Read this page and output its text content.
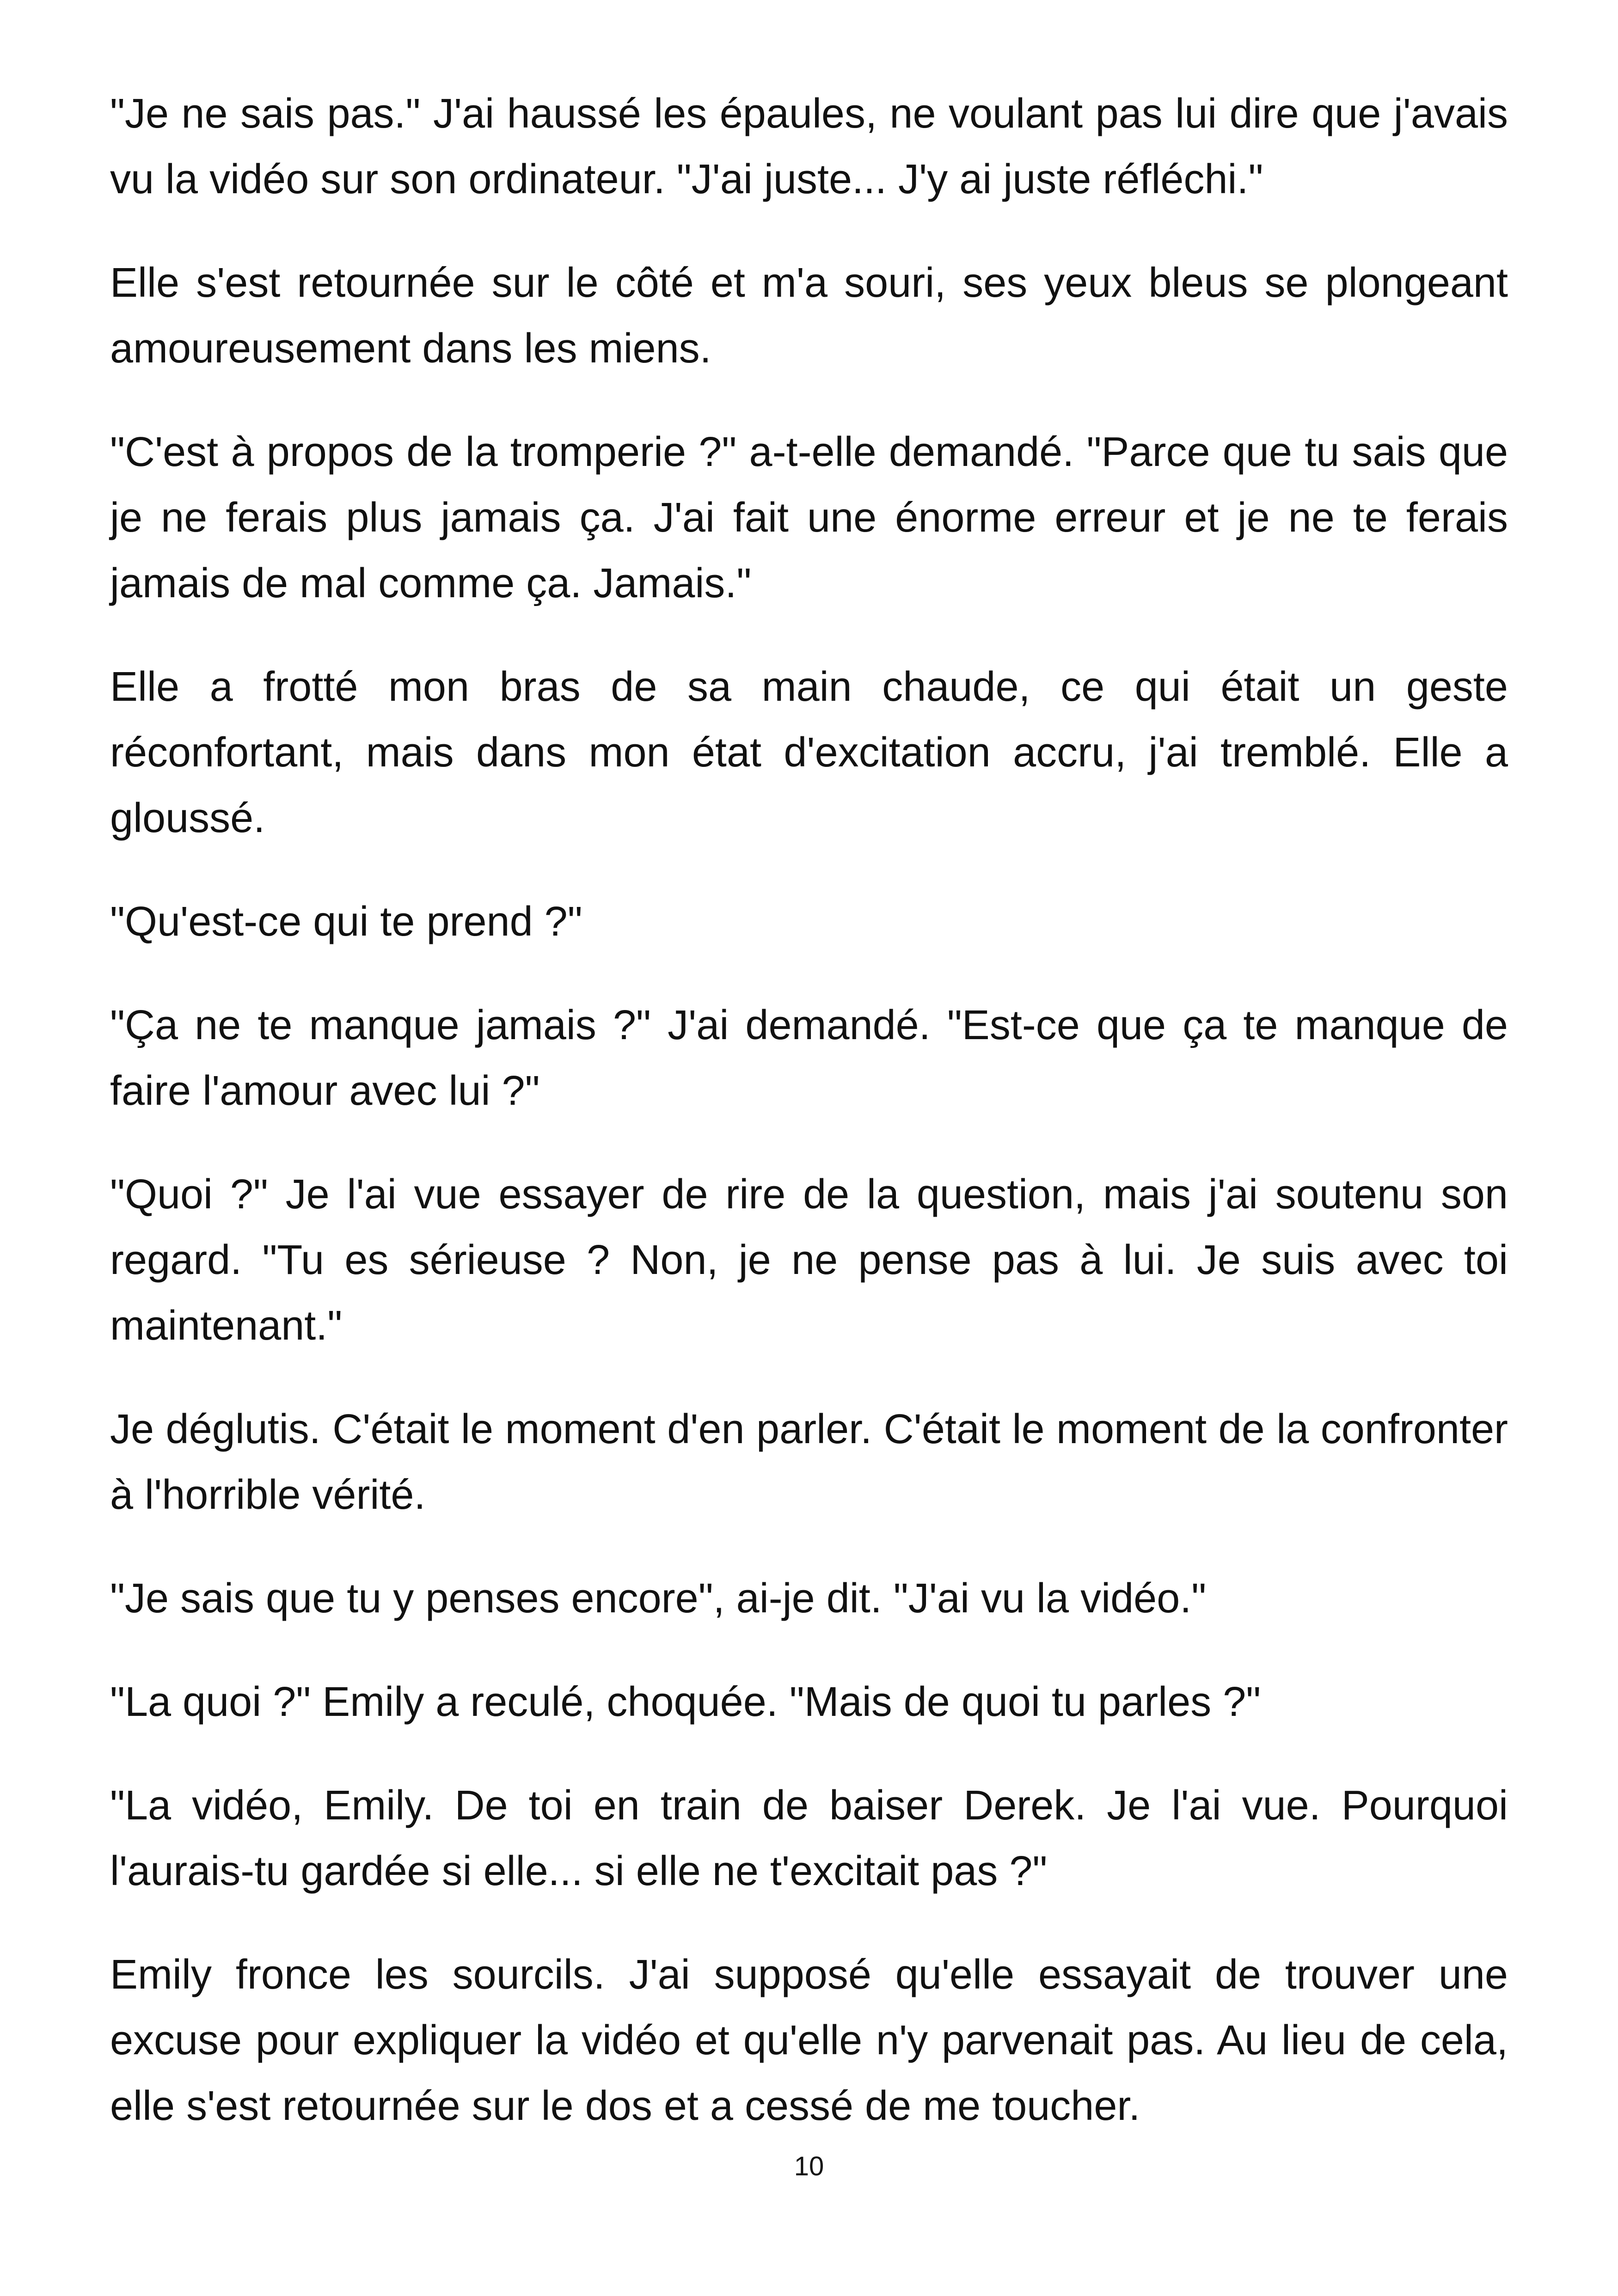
"Je ne sais pas." J'ai haussé les épaules, ne voulant pas lui dire que j'avais vu la vidéo sur son ordinateur. "J'ai juste... J'y ai juste réfléchi."

Elle s'est retournée sur le côté et m'a souri, ses yeux bleus se plongeant amoureusement dans les miens.

"C'est à propos de la tromperie ?" a-t-elle demandé. "Parce que tu sais que je ne ferais plus jamais ça. J'ai fait une énorme erreur et je ne te ferais jamais de mal comme ça. Jamais."

Elle a frotté mon bras de sa main chaude, ce qui était un geste réconfortant, mais dans mon état d'excitation accru, j'ai tremblé. Elle a gloussé.

"Qu'est-ce qui te prend ?"

"Ça ne te manque jamais ?" J'ai demandé. "Est-ce que ça te manque de faire l'amour avec lui ?"

"Quoi ?" Je l'ai vue essayer de rire de la question, mais j'ai soutenu son regard. "Tu es sérieuse ? Non, je ne pense pas à lui. Je suis avec toi maintenant."

Je déglutis. C'était le moment d'en parler. C'était le moment de la confronter à l'horrible vérité.

"Je sais que tu y penses encore", ai-je dit. "J'ai vu la vidéo."

"La quoi ?" Emily a reculé, choquée. "Mais de quoi tu parles ?"

"La vidéo, Emily. De toi en train de baiser Derek. Je l'ai vue. Pourquoi l'aurais-tu gardée si elle... si elle ne t'excitait pas ?"

Emily fronce les sourcils. J'ai supposé qu'elle essayait de trouver une excuse pour expliquer la vidéo et qu'elle n'y parvenait pas. Au lieu de cela, elle s'est retournée sur le dos et a cessé de me toucher.

10
